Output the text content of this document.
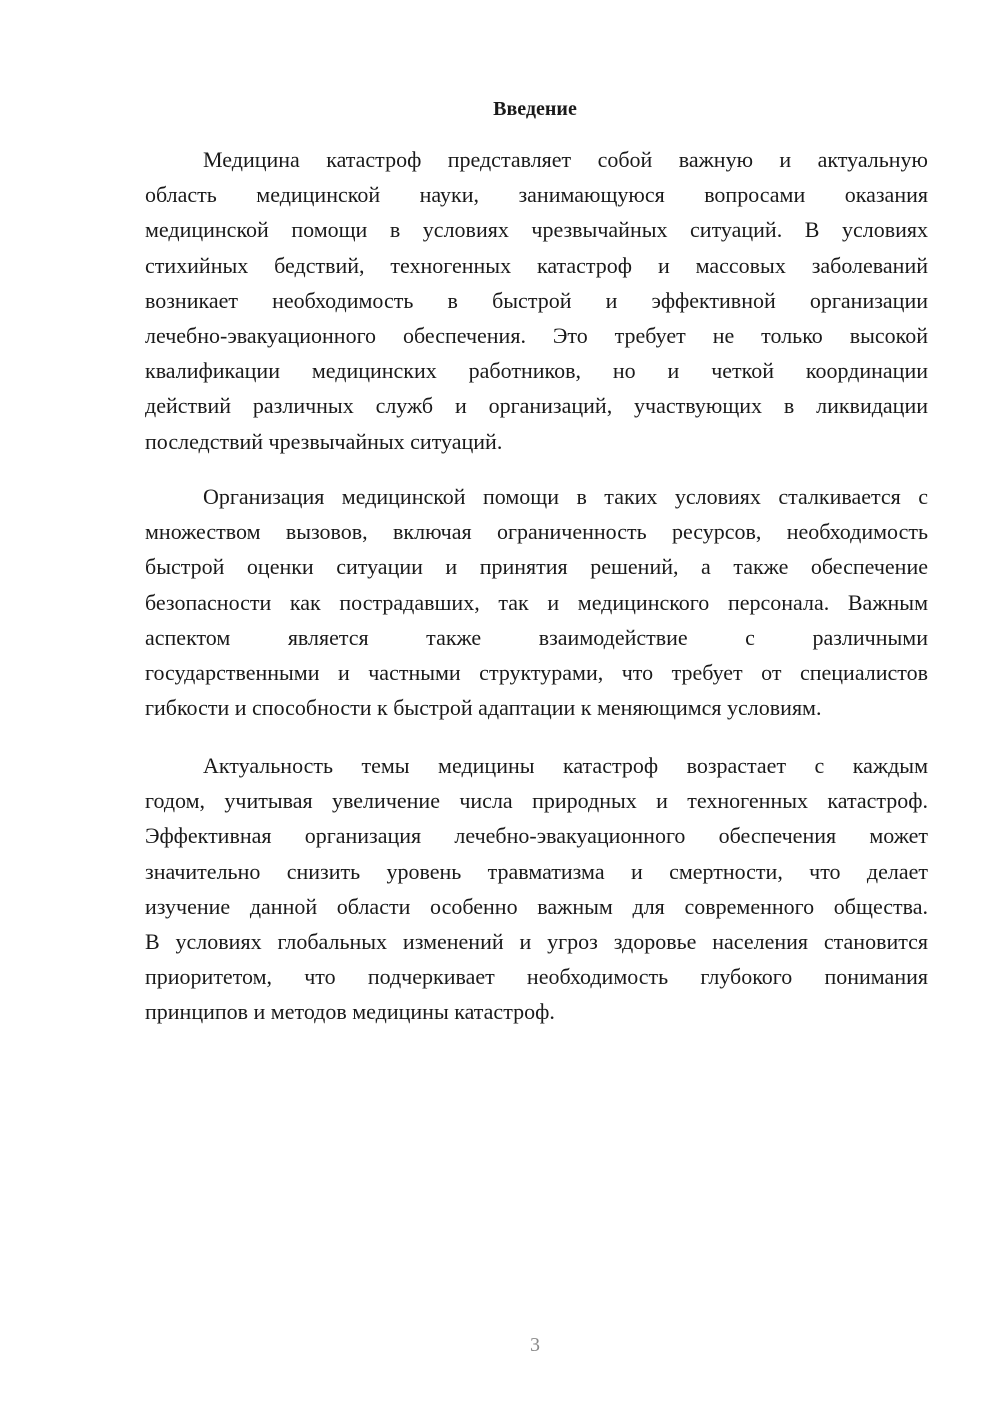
Введение
Медицина катастроф представляет собой важную и актуальную
область медицинской науки, занимающуюся вопросами оказания
медицинской помощи в условиях чрезвычайных ситуаций. В условиях
стихийных бедствий, техногенных катастроф и массовых заболеваний
возникает необходимость в быстрой и эффективной организации
лечебно-эвакуационного обеспечения. Это требует не только высокой
квалификации медицинских работников, но и четкой координации
действий различных служб и организаций, участвующих в ликвидации
последствий чрезвычайных ситуаций.
Организация медицинской помощи в таких условиях сталкивается с
множеством вызовов, включая ограниченность ресурсов, необходимость
быстрой оценки ситуации и принятия решений, а также обеспечение
безопасности как пострадавших, так и медицинского персонала. Важным
аспектом является также взаимодействие с различными
государственными и частными структурами, что требует от специалистов
гибкости и способности к быстрой адаптации к меняющимся условиям.
Актуальность темы медицины катастроф возрастает с каждым
годом, учитывая увеличение числа природных и техногенных катастроф.
Эффективная организация лечебно-эвакуационного обеспечения может
значительно снизить уровень травматизма и смертности, что делает
изучение данной области особенно важным для современного общества.
В условиях глобальных изменений и угроз здоровье населения становится
приоритетом, что подчеркивает необходимость глубокого понимания
принципов и методов медицины катастроф.
3
